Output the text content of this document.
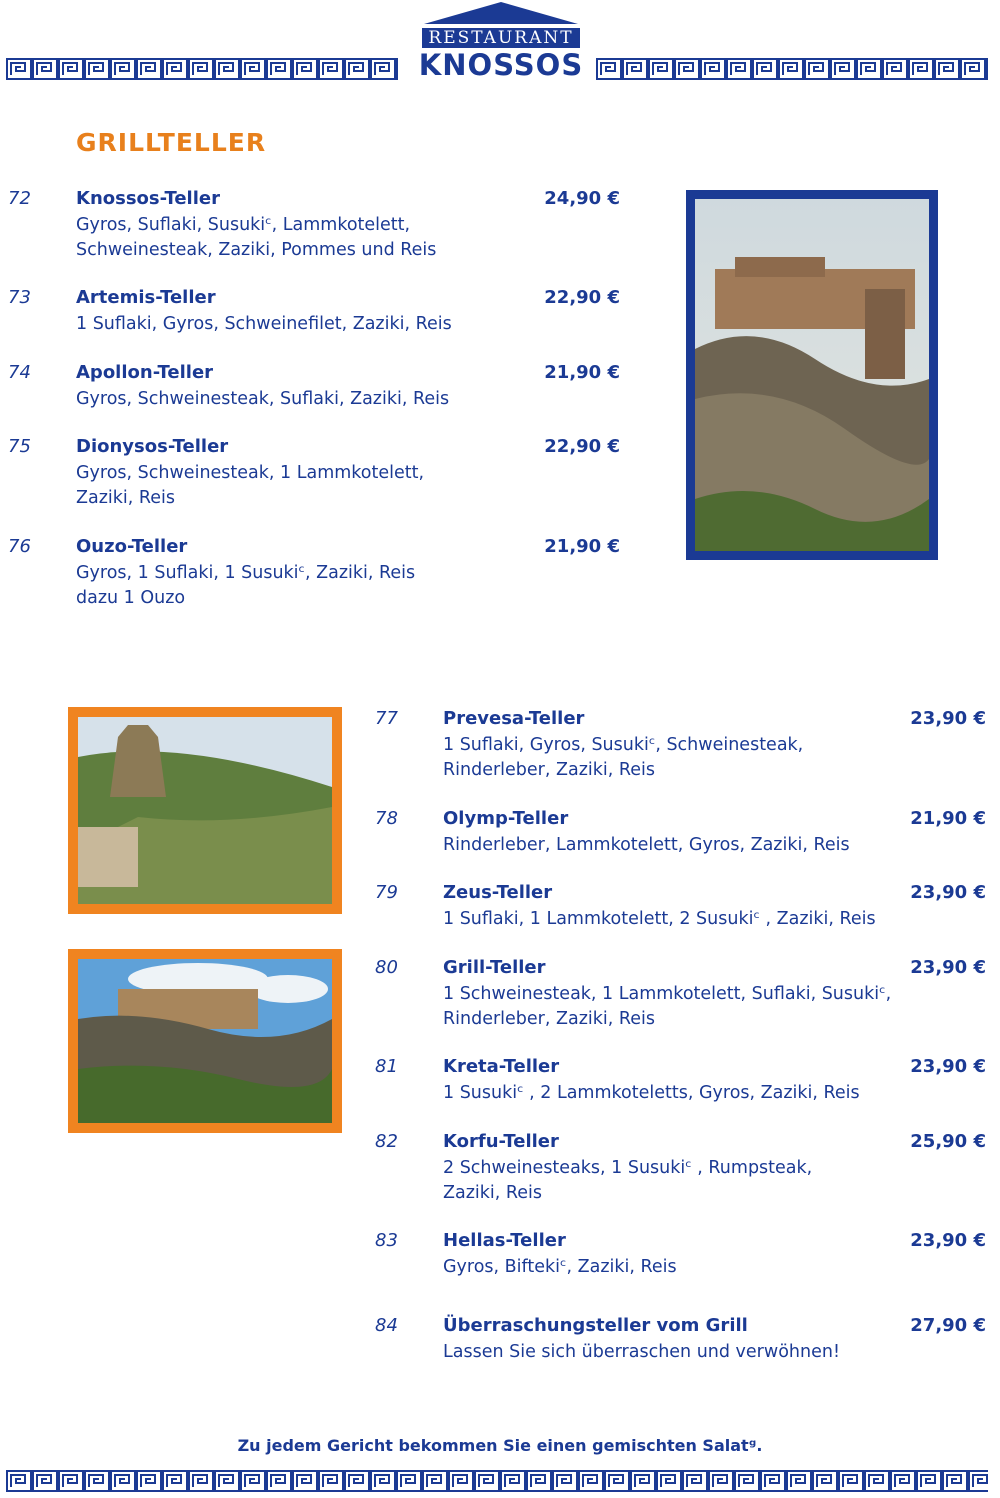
RESTAURANT
KNOSSOS
GRILLTELLER
72	Knossos-Teller	24,90 €
Gyros, Suflaki, Susukiᶜ, Lammkotelett,
Schweinesteak, Zaziki, Pommes und Reis
73	Artemis-Teller	22,90 €
1 Suflaki, Gyros, Schweinefilet, Zaziki, Reis
74	Apollon-Teller	21,90 €
Gyros, Schweinesteak, Suflaki, Zaziki, Reis
75	Dionysos-Teller	22,90 €
Gyros, Schweinesteak, 1 Lammkotelett,
Zaziki, Reis
76	Ouzo-Teller	21,90 €
Gyros, 1 Suflaki, 1 Susukiᶜ, Zaziki, Reis
dazu 1 Ouzo
77	Prevesa-Teller	23,90 €
1 Suflaki, Gyros, Susukiᶜ, Schweinesteak,
Rinderleber, Zaziki, Reis
78	Olymp-Teller	21,90 €
Rinderleber, Lammkotelett, Gyros, Zaziki, Reis
79	Zeus-Teller	23,90 €
1 Suflaki, 1 Lammkotelett, 2 Susukiᶜ , Zaziki, Reis
80	Grill-Teller	23,90 €
1 Schweinesteak, 1 Lammkotelett, Suflaki, Susukiᶜ,
Rinderleber, Zaziki, Reis
81	Kreta-Teller	23,90 €
1 Susukiᶜ , 2 Lammkoteletts, Gyros, Zaziki, Reis
82	Korfu-Teller	25,90 €
2 Schweinesteaks, 1 Susukiᶜ , Rumpsteak,
Zaziki, Reis
83	Hellas-Teller	23,90 €
Gyros, Biftekiᶜ, Zaziki, Reis
84	Überraschungsteller vom Grill	27,90 €
Lassen Sie sich überraschen und verwöhnen!
Zu jedem Gericht bekommen Sie einen gemischten Salatᵍ.
